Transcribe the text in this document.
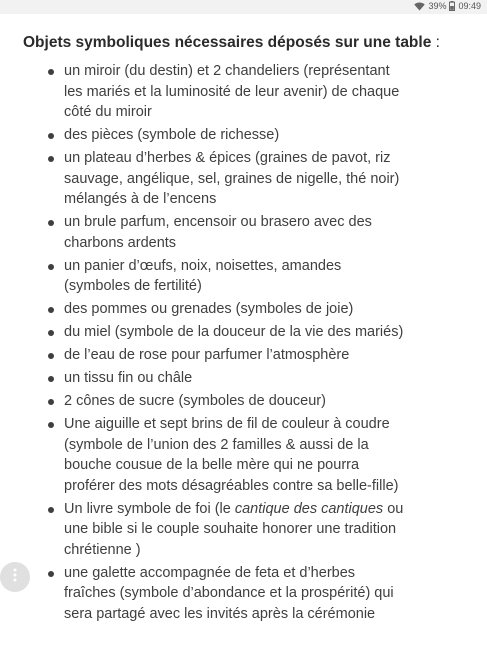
39% 09:49
Objets symboliques nécessaires déposés sur une table :
un miroir (du destin) et 2 chandeliers (représentant
les mariés et la luminosité de leur avenir) de chaque
côté du miroir
des pièces (symbole de richesse)
un plateau d’herbes & épices (graines de pavot, riz
sauvage, angélique, sel, graines de nigelle, thé noir)
mélangés à de l’encens
un brule parfum, encensoir ou brasero avec des
charbons ardents
un panier d’œufs, noix, noisettes, amandes
(symboles de fertilité)
des pommes ou grenades (symboles de joie)
du miel (symbole de la douceur de la vie des mariés)
de l’eau de rose pour parfumer l’atmosphère
un tissu fin ou châle
2 cônes de sucre (symboles de douceur)
Une aiguille et sept brins de fil de couleur à coudre
(symbole de l’union des 2 familles & aussi de la
bouche cousue de la belle mère qui ne pourra
proférer des mots désagréables contre sa belle-fille)
Un livre symbole de foi (le cantique des cantiques ou
une bible si le couple souhaite honorer une tradition
chrétienne )
une galette accompagnée de feta et d’herbes
fraîches (symbole d’abondance et la prospérité) qui
sera partagé avec les invités après la cérémonie
